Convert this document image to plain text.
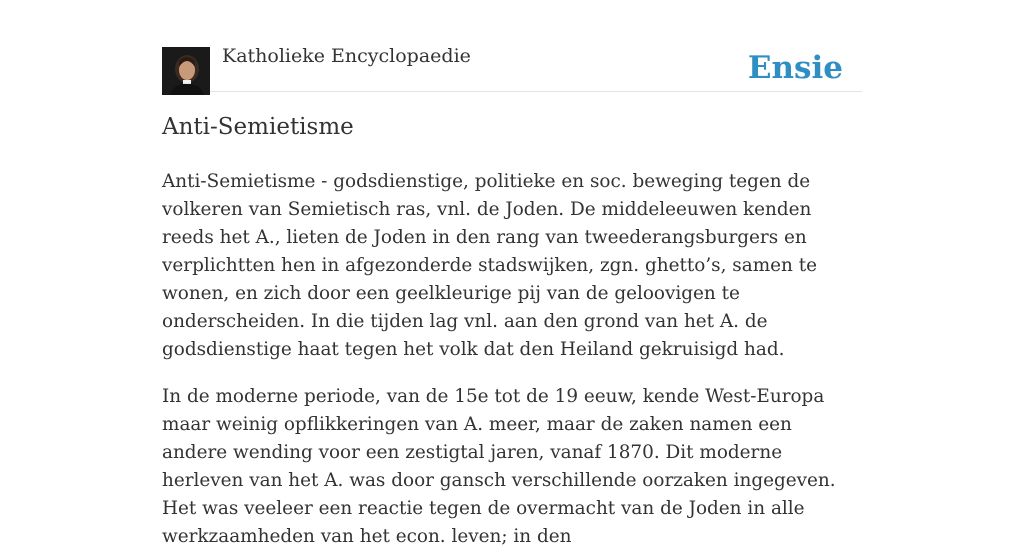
Katholieke Encyclopaedie	Ensie
Anti-Semietisme

Anti-Semietisme - godsdienstige, politieke en soc. beweging tegen de volkeren van Semietisch ras, vnl. de Joden. De middeleeuwen kenden reeds het A., lieten de Joden in den rang van tweederangsburgers en verplichtten hen in afgezonderde stadswijken, zgn. ghetto’s, samen te wonen, en zich door een geelkleurige pij van de geloovigen te onderscheiden. In die tijden lag vnl. aan den grond van het A. de godsdienstige haat tegen het volk dat den Heiland gekruisigd had.

In de moderne periode, van de 15e tot de 19 eeuw, kende West-Europa maar weinig opflikkeringen van A. meer, maar de zaken namen een andere wending voor een zestigtal jaren, vanaf 1870. Dit moderne herleven van het A. was door gansch verschillende oorzaken ingegeven. Het was veeleer een reactie tegen de overmacht van de Joden in alle werkzaamheden van het econ. leven; in den
